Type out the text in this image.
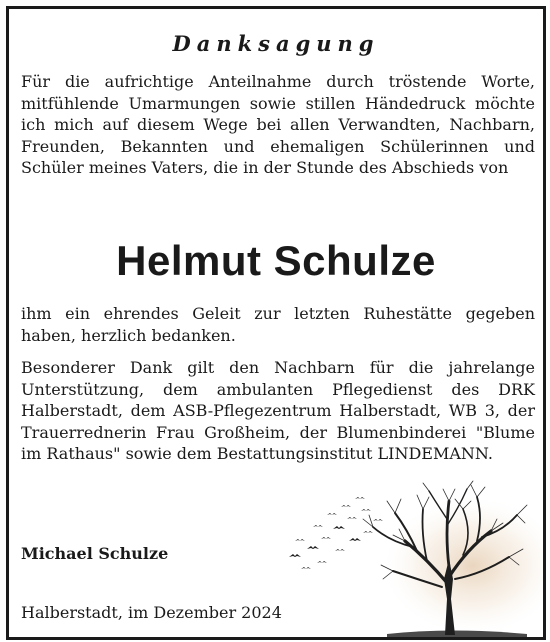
Danksagung
Für die aufrichtige Anteilnahme durch tröstende Worte, mitfühlende Umarmungen sowie stillen Händedruck möchte ich mich auf diesem Wege bei allen Verwandten, Nachbarn, Freunden, Bekannten und ehemaligen Schülerinnen und Schüler meines Vaters, die in der Stunde des Abschieds von
Helmut Schulze
ihm ein ehrendes Geleit zur letzten Ruhestätte gegeben haben, herzlich bedanken.
Besonderer Dank gilt den Nachbarn für die jahrelange Unterstützung, dem ambulanten Pflegedienst des DRK Halberstadt, dem ASB-Pflegezentrum Halberstadt, WB 3, der Trauerrednerin Frau Großheim, der Blumenbinderei "Blume im Rathaus" sowie dem Bestattungsinstitut LINDEMANN.
Michael Schulze
Halberstadt, im Dezember 2024
